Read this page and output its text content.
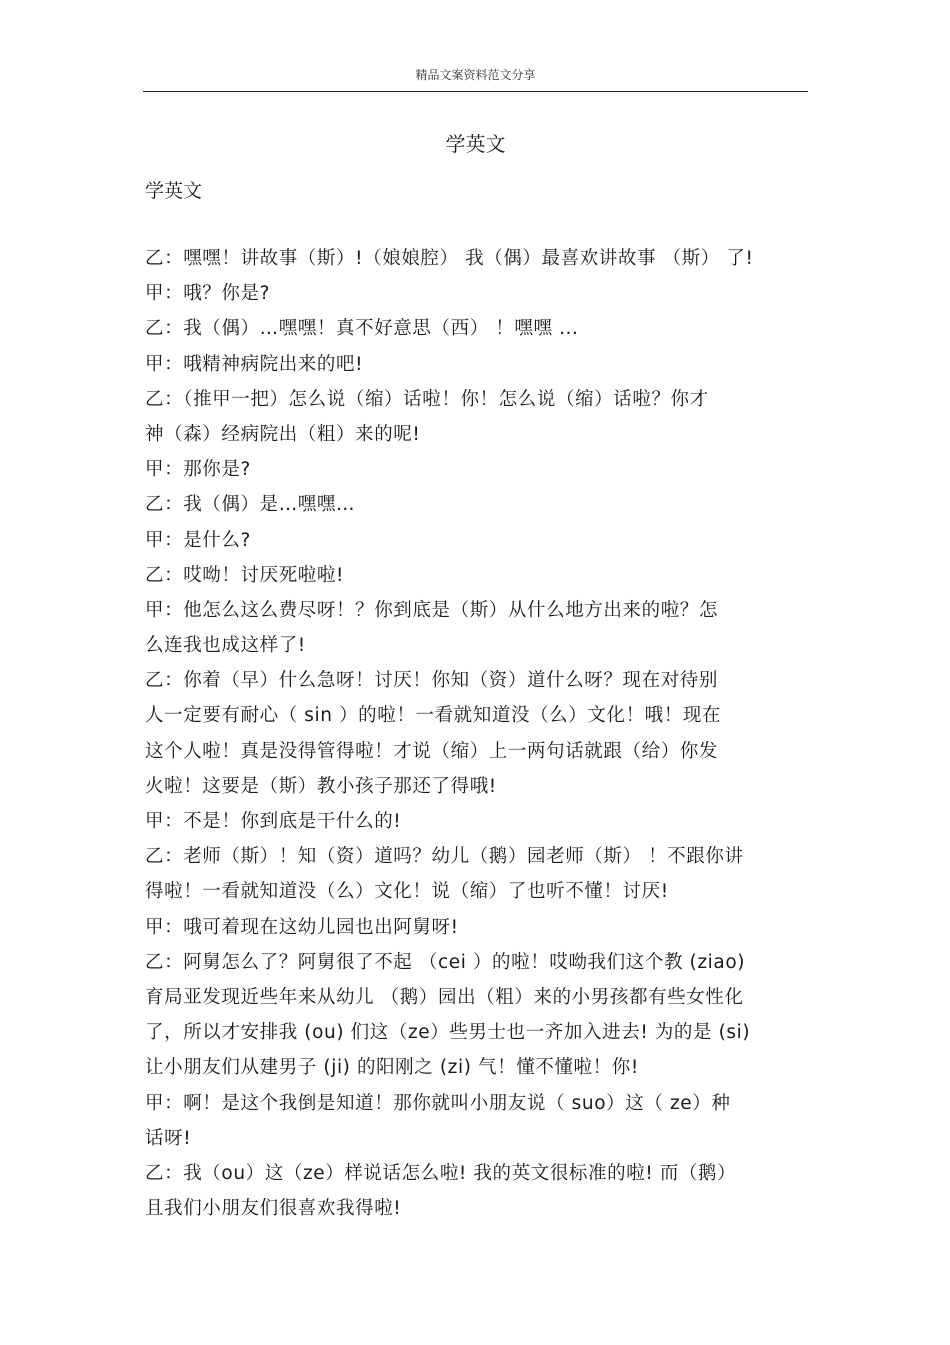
精品文案资料范文分享
学英文
学英文
乙：嘿嘿！讲故事（斯）!（娘娘腔） 我（偶）最喜欢讲故事 （斯） 了!
甲：哦？你是?
乙：我（偶）…嘿嘿！真不好意思（西） ！嘿嘿 ...
甲：哦精神病院出来的吧!
乙：（推甲一把）怎么说（缩）话啦！你！怎么说（缩）话啦？你才
神（森）经病院出（粗）来的呢!
甲：那你是?
乙：我（偶）是…嘿嘿…
甲：是什么?
乙：哎呦！讨厌死啦啦!
甲：他怎么这么费尽呀！？你到底是（斯）从什么地方出来的啦？怎
么连我也成这样了!
乙：你着（早）什么急呀！讨厌！你知（资）道什么呀？现在对待别
人一定要有耐心（ sin ）的啦！一看就知道没（么）文化！哦！现在
这个人啦！真是没得管得啦！才说（缩）上一两句话就跟（给）你发
火啦！这要是（斯）教小孩子那还了得哦!
甲：不是！你到底是干什么的!
乙：老师（斯）！知（资）道吗？幼儿（鹅）园老师（斯） ！不跟你讲
得啦！一看就知道没（么）文化！说（缩）了也听不懂！讨厌!
甲：哦可着现在这幼儿园也出阿舅呀!
乙：阿舅怎么了？阿舅很了不起 （cei ）的啦！哎呦我们这个教 (ziao)
育局亚发现近些年来从幼儿 （鹅）园出（粗）来的小男孩都有些女性化
了，所以才安排我 (ou) 们这（ze）些男士也一齐加入进去! 为的是 (si)
让小朋友们从建男子 (ji) 的阳刚之 (zi) 气！懂不懂啦！你!
甲：啊！是这个我倒是知道！那你就叫小朋友说（ suo）这（ ze）种
话呀!
乙：我（ou）这（ze）样说话怎么啦! 我的英文很标准的啦! 而（鹅）
且我们小朋友们很喜欢我得啦!
